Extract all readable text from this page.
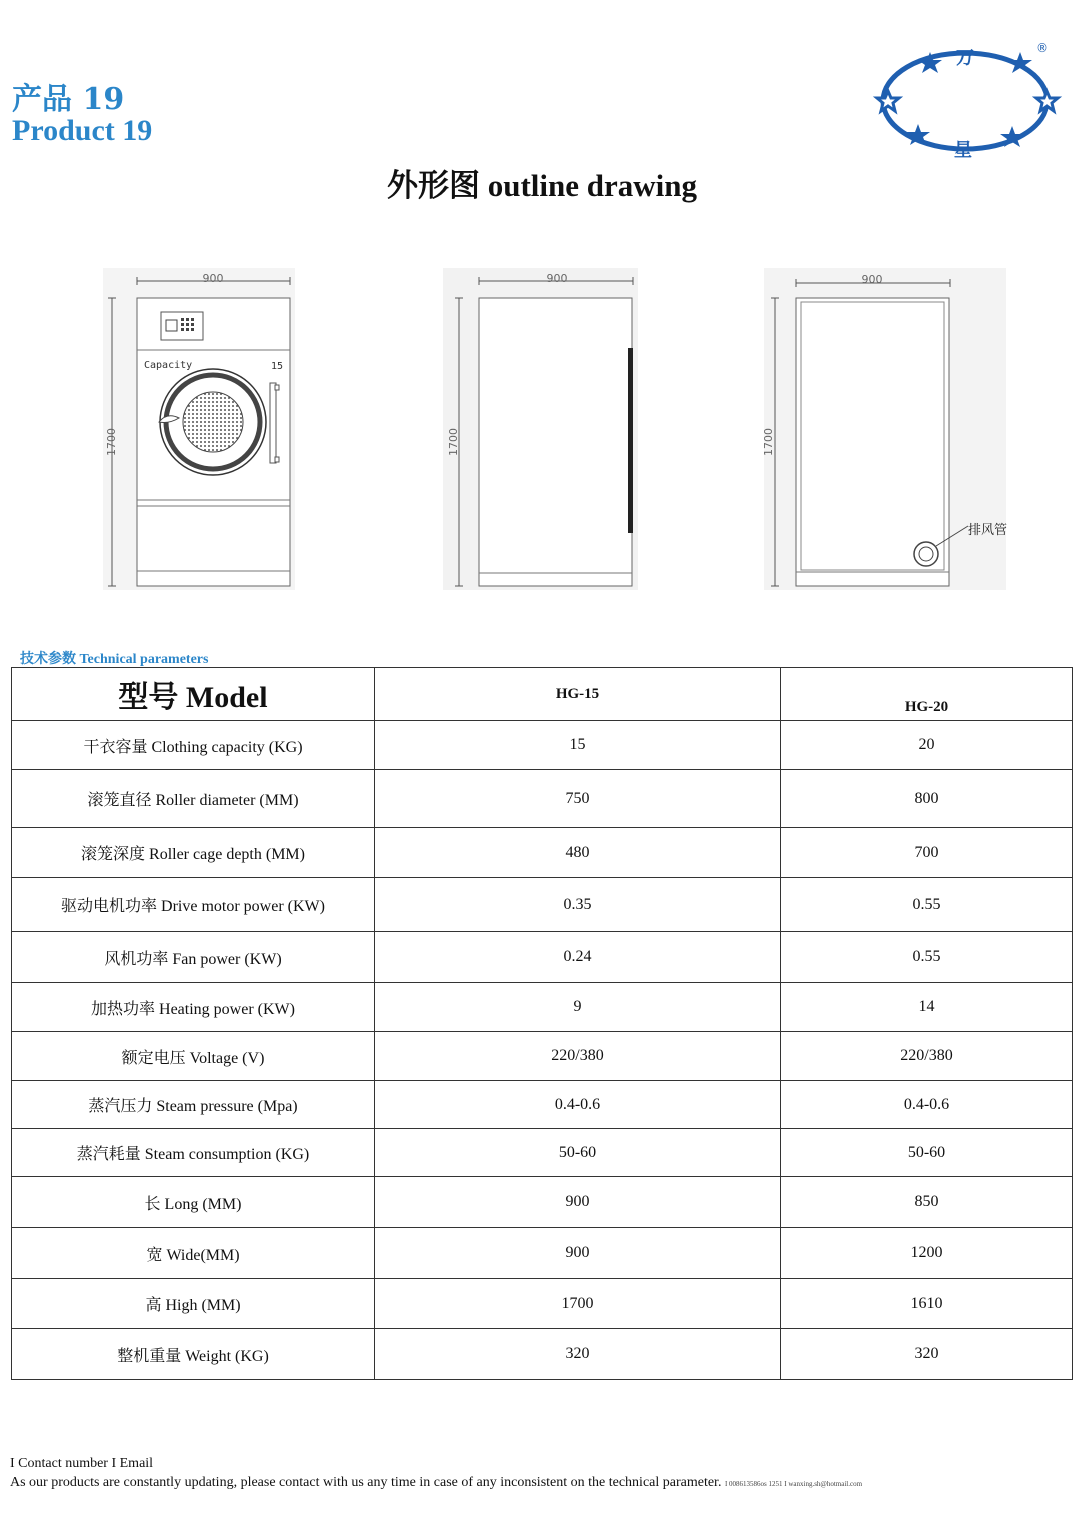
产品 19
Product 19
万
星
®
外形图 outline drawing
900
1700
Capacity	15
900
1700
900
1700
排风管
技术参数 Technical parameters
型号 Model	HG-15	HG-20
干衣容量 Clothing capacity (KG)	15	20
滚笼直径 Roller diameter (MM)	750	800
滚笼深度 Roller cage depth (MM)	480	700
驱动电机功率 Drive motor power (KW)	0.35	0.55
风机功率 Fan power (KW)	0.24	0.55
加热功率 Heating power (KW)	9	14
额定电压 Voltage (V)	220/380	220/380
蒸汽压力 Steam pressure (Mpa)	0.4-0.6	0.4-0.6
蒸汽耗量 Steam consumption (KG)	50-60	50-60
长 Long (MM)	900	850
宽 Wide(MM)	900	1200
高 High (MM)	1700	1610
整机重量 Weight (KG)	320	320
I Contact number I Email
As our products are constantly updating, please contact with us any time in case of any inconsistent on the technical parameter. I 008613586os 1251 I wanxing.sh@hotmail.com
